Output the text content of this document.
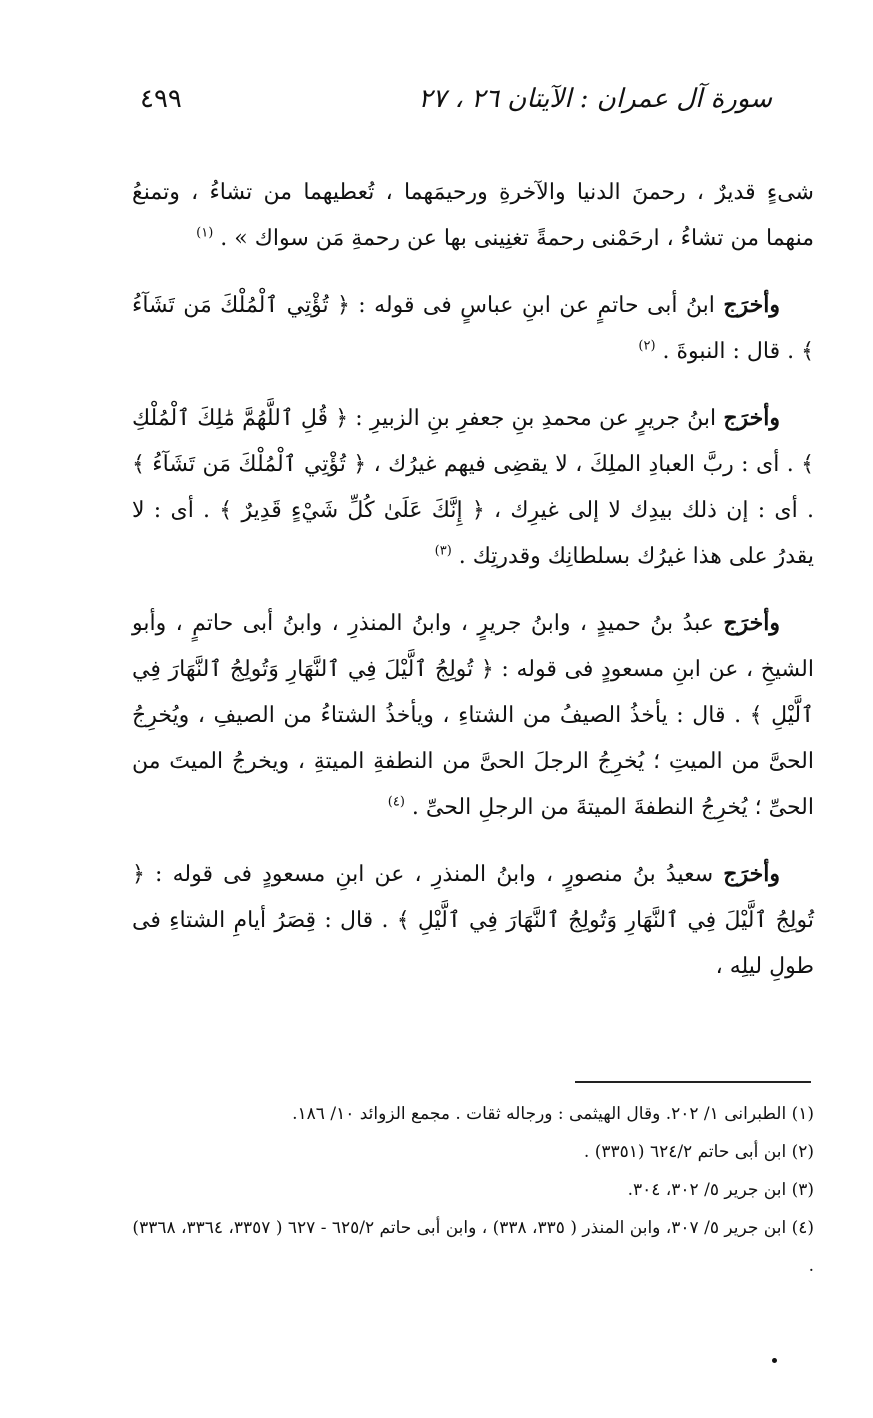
سورة آل عمران : الآيتان ٢٦ ، ٢٧
٤٩٩

شىءٍ قديرٌ ، رحمنَ الدنيا والآخرةِ ورحيمَهما ، تُعطيهما من تشاءُ ، وتمنعُ منهما من تشاءُ ، ارحَمْنى رحمةً تغنِينى بها عن رحمةِ مَن سواك » . $^{(١)}$

وأخرَج ابنُ أبى حاتمٍ عن ابنِ عباسٍ فى قوله : ﴿ تُؤْتِي ٱلْمُلْكَ مَن تَشَآءُ ﴾ . قال : النبوةَ . $^{(٢)}$

وأخرَج ابنُ جريرٍ عن محمدِ بنِ جعفرِ بنِ الزبيرِ : ﴿ قُلِ ٱللَّهُمَّ مَٰلِكَ ٱلْمُلْكِ ﴾ . أى : ربَّ العبادِ الملِكَ ، لا يقضِى فيهم غيرُك ، ﴿ تُؤْتِي ٱلْمُلْكَ مَن تَشَآءُ ﴾ . أى : إن ذلك بيدِك لا إلى غيرِك ، ﴿ إِنَّكَ عَلَىٰ كُلِّ شَيْءٍ قَدِيرٌ ﴾ . أى : لا يقدرُ على هذا غيرُك بسلطانِك وقدرتِك . $^{(٣)}$

وأخرَج عبدُ بنُ حميدٍ ، وابنُ جريرٍ ، وابنُ المنذرِ ، وابنُ أبى حاتمٍ ، وأبو الشيخِ ، عن ابنِ مسعودٍ فى قوله : ﴿ تُولِجُ ٱلَّيْلَ فِي ٱلنَّهَارِ وَتُولِجُ ٱلنَّهَارَ فِي ٱلَّيْلِ ﴾ . قال : يأخذُ الصيفُ من الشتاءِ ، ويأخذُ الشتاءُ من الصيفِ ، ويُخرِجُ الحىَّ من الميتِ ؛ يُخرِجُ الرجلَ الحىَّ من النطفةِ الميتةِ ، ويخرجُ الميتَ من الحىِّ ؛ يُخرِجُ النطفةَ الميتةَ من الرجلِ الحىِّ . $^{(٤)}$

وأخرَج سعيدُ بنُ منصورٍ ، وابنُ المنذرِ ، عن ابنِ مسعودٍ فى قوله : ﴿ تُولِجُ ٱلَّيْلَ فِي ٱلنَّهَارِ وَتُولِجُ ٱلنَّهَارَ فِي ٱلَّيْلِ ﴾ . قال : قِصَرُ أيامِ الشتاءِ فى طولِ ليلِه ،

(١) الطبرانى ١/ ٢٠٢. وقال الهيثمى : ورجاله ثقات . مجمع الزوائد ١٠/ ١٨٦.

(٢) ابن أبى حاتم ٦٢٤/٢ (٣٣٥١) .

(٣) ابن جرير ٥/ ٣٠٢، ٣٠٤.

(٤) ابن جرير ٥/ ٣٠٧، وابن المنذر ( ٣٣٥، ٣٣٨) ، وابن أبى حاتم ٦٢٥/٢ - ٦٢٧ ( ٣٣٥٧، ٣٣٦٤، ٣٣٦٨) .
